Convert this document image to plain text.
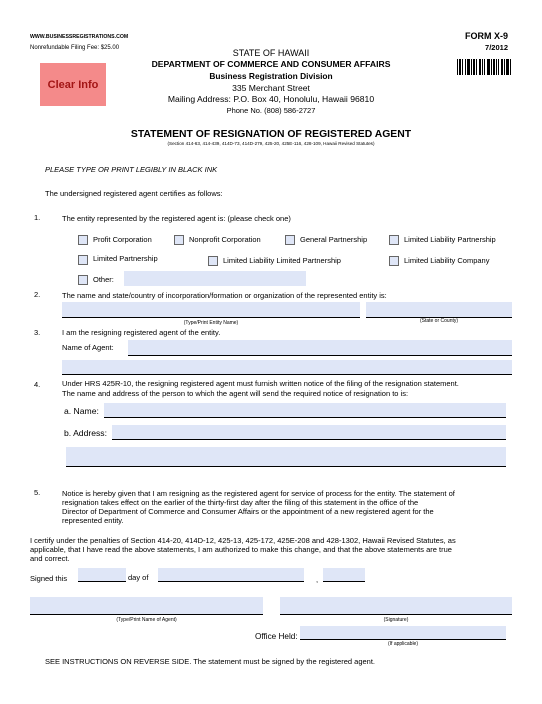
WWW.BUSINESSREGISTRATIONS.COM
Nonrefundable Filing Fee: $25.00
FORM X-9
7/2012
Clear Info
STATE OF HAWAII
DEPARTMENT OF COMMERCE AND CONSUMER AFFAIRS
Business Registration Division
335 Merchant Street
Mailing Address: P.O. Box 40, Honolulu, Hawaii 96810
Phone No. (808) 586-2727
STATEMENT OF RESIGNATION OF REGISTERED AGENT
(Section 414-63, 414-439, 414D-73, 414D-279, 425-20, 425E-116, 428-109, Hawaii Revised Statutes)
PLEASE TYPE OR PRINT LEGIBLY IN BLACK INK
The undersigned registered agent certifies as follows:
1.	The entity represented by the registered agent is: (please check one)
Profit Corporation	Nonprofit Corporation	General Partnership	Limited Liability Partnership
Limited Partnership	Limited Liability Limited Partnership	Limited Liability Company
Other:
2.	The name and state/country of incorporation/formation or organization of the represented entity is:
(Type/Print Entity Name)	(State or County)
3.	I am the resigning registered agent of the entity.
Name of Agent:
4.	Under HRS 425R-10, the resigning registered agent must furnish written notice of the filing of the resignation statement.
The name and address of the person to which the agent will send the required notice of resignation to is:
a. Name:
b. Address:
5.	Notice is hereby given that I am resigning as the registered agent for service of process for the entity. The statement of
resignation takes effect on the earlier of the thirty-first day after the filing of this statement in the office of the
Director of Department of Commerce and Consumer Affairs or the appointment of a new registered agent for the
represented entity.
I certify under the penalties of Section 414-20, 414D-12, 425-13, 425-172, 425E-208 and 428-1302, Hawaii Revised Statutes, as
applicable, that I have read the above statements, I am authorized to make this change, and that the above statements are true
and correct.
Signed this	day of	,
(Type/Print Name of Agent)	(Signature)
Office Held:
(If applicable)
SEE INSTRUCTIONS ON REVERSE SIDE. The statement must be signed by the registered agent.
